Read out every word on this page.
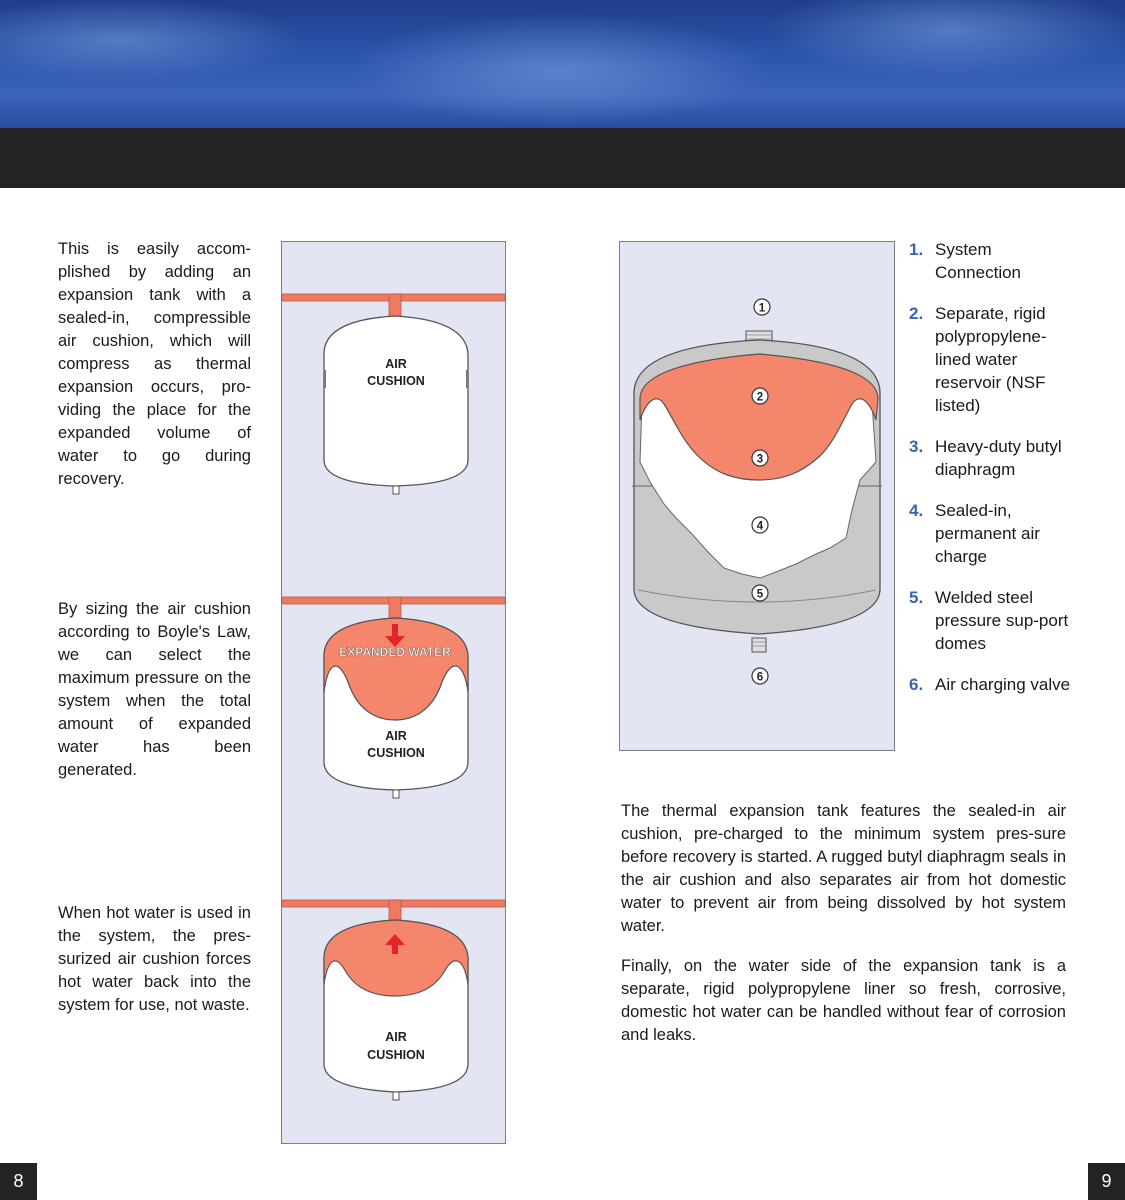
This is easily accom-plished by adding an expansion tank with a sealed-in, compressible air cushion, which will compress as thermal expansion occurs, pro-viding the place for the expanded volume of water to go during recovery.

By sizing the air cushion according to Boyle's Law, we can select the maximum pressure on the system when the total amount of expanded water has been generated.

When hot water is used in the system, the pres-surized air cushion forces hot water back into the system for use, not waste.

AIR
CUSHION
EXPANDED WATER
AIR
CUSHION
AIR
CUSHION
1
2
3
4
5
6
1. System Connection
2. Separate, rigid polypropylene-lined water reservoir (NSF listed)
3. Heavy-duty butyl diaphragm
4. Sealed-in, permanent air charge
5. Welded steel pressure sup-port domes
6. Air charging valve

The thermal expansion tank features the sealed-in air cushion, pre-charged to the minimum system pres-sure before recovery is started. A rugged butyl diaphragm seals in the air cushion and also separates air from hot domestic water to prevent air from being dissolved by hot system water.

Finally, on the water side of the expansion tank is a separate, rigid polypropylene liner so fresh, corrosive, domestic hot water can be handled without fear of corrosion and leaks.

8	9
